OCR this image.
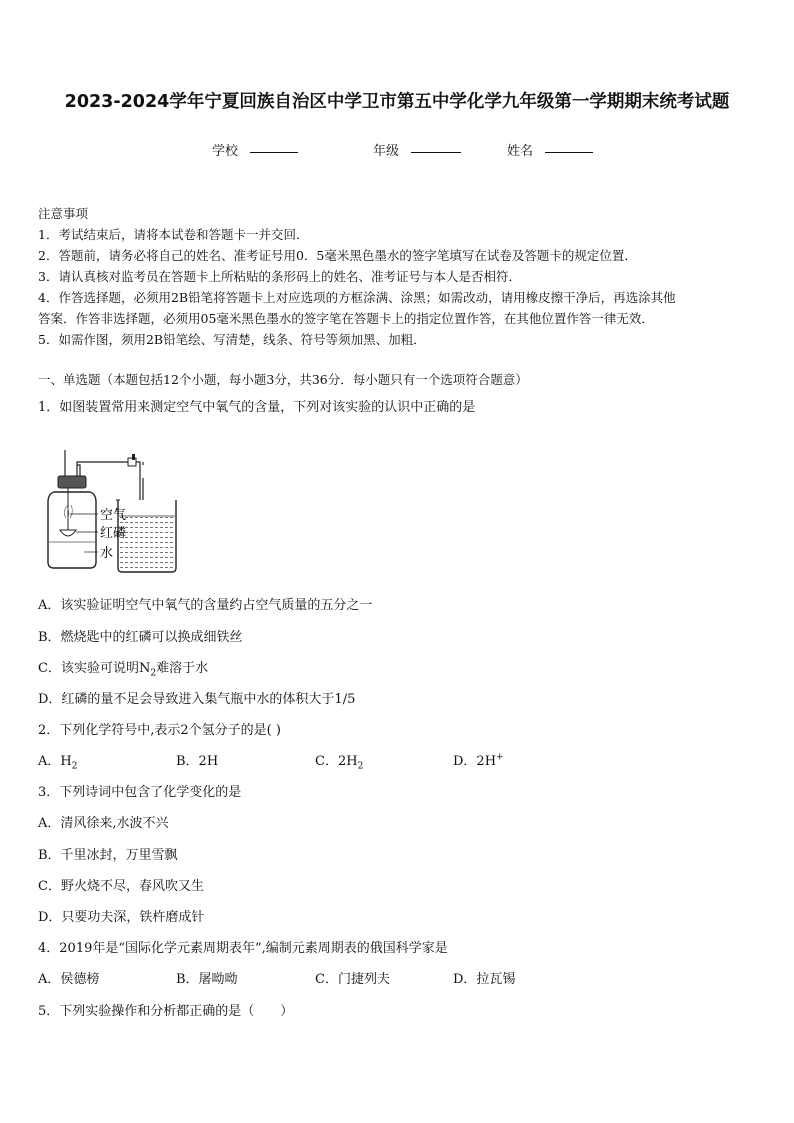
2023-2024学年宁夏回族自治区中学卫市第五中学化学九年级第一学期期末统考试题
学校	年级	姓名
注意事项
1．考试结束后，请将本试卷和答题卡一并交回．
2．答题前，请务必将自己的姓名、准考证号用0．5毫米黑色墨水的签字笔填写在试卷及答题卡的规定位置．
3．请认真核对监考员在答题卡上所粘贴的条形码上的姓名、准考证号与本人是否相符．
4．作答选择题，必须用2B铅笔将答题卡上对应选项的方框涂满、涂黑；如需改动，请用橡皮擦干净后，再选涂其他
答案．作答非选择题，必须用05毫米黑色墨水的签字笔在答题卡上的指定位置作答，在其他位置作答一律无效．
5．如需作图，须用2B铅笔绘、写清楚，线条、符号等须加黑、加粗．
一、单选题（本题包括12个小题，每小题3分，共36分．每小题只有一个选项符合题意）
1．如图装置常用来测定空气中氧气的含量，下列对该实验的认识中正确的是
空气
红磷
水
A．该实验证明空气中氧气的含量约占空气质量的五分之一
B．燃烧匙中的红磷可以换成细铁丝
C．该实验可说明$N_2$难溶于水
D．红磷的量不足会导致进入集气瓶中水的体积大于1/5
2．下列化学符号中,表示2个氢分子的是( )
A．$H_2$	B．2H	C．$2H_2$	D．2H+
3．下列诗词中包含了化学变化的是
A．清风徐来,水波不兴
B．千里冰封，万里雪飘
C．野火烧不尽，春风吹又生
D．只要功夫深，铁杵磨成针
4．2019年是“国际化学元素周期表年”,编制元素周期表的俄国科学家是
A．侯德榜	B．屠呦呦	C．门捷列夫	D．拉瓦锡
5．下列实验操作和分析都正确的是（　　）
